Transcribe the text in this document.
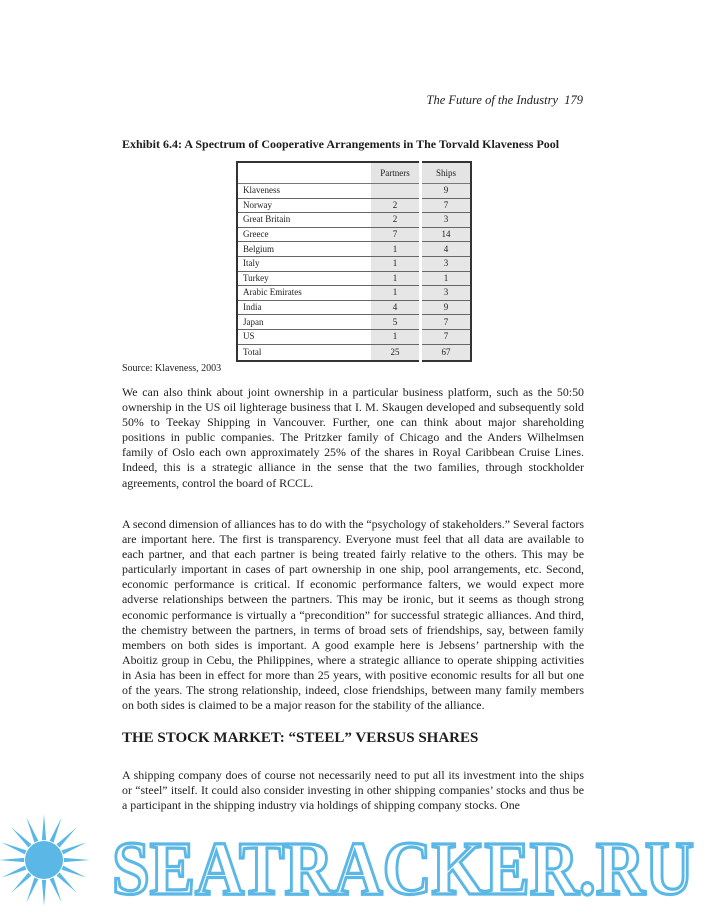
The Future of the Industry 179
Exhibit 6.4: A Spectrum of Cooperative Arrangements in The Torvald Klaveness Pool
	Partners	Ships
Klaveness		9
Norway	2	7
Great Britain	2	3
Greece	7	14
Belgium	1	4
Italy	1	3
Turkey	1	1
Arabic Emirates	1	3
India	4	9
Japan	5	7
US	1	7
Total	25	67
Source: Klaveness, 2003
We can also think about joint ownership in a particular business platform, such as the 50:50 ownership in the US oil lighterage business that I. M. Skaugen developed and subsequently sold 50% to Teekay Shipping in Vancouver. Further, one can think about major shareholding positions in public companies. The Pritzker family of Chicago and the Anders Wilhelmsen family of Oslo each own approximately 25% of the shares in Royal Caribbean Cruise Lines. Indeed, this is a strategic alliance in the sense that the two families, through stockholder agreements, control the board of RCCL.
A second dimension of alliances has to do with the “psychology of stakeholders.” Several factors are important here. The first is transparency. Everyone must feel that all data are available to each partner, and that each partner is being treated fairly relative to the others. This may be particularly important in cases of part ownership in one ship, pool arrangements, etc. Second, economic performance is critical. If economic performance falters, we would expect more adverse relationships between the partners. This may be ironic, but it seems as though strong economic performance is virtually a “precondition” for successful strategic alliances. And third, the chemistry between the partners, in terms of broad sets of friendships, say, between family members on both sides is important. A good example here is Jebsens’ partnership with the Aboitiz group in Cebu, the Philippines, where a strategic alliance to operate shipping activities in Asia has been in effect for more than 25 years, with positive economic results for all but one of the years. The strong relationship, indeed, close friendships, between many family members on both sides is claimed to be a major reason for the stability of the alliance.
THE STOCK MARKET: “STEEL” VERSUS SHARES
A shipping company does of course not necessarily need to put all its investment into the ships or “steel” itself. It could also consider investing in other shipping companies’ stocks and thus be a participant in the shipping industry via holdings of shipping company stocks. One
SEATRACKER.RU
